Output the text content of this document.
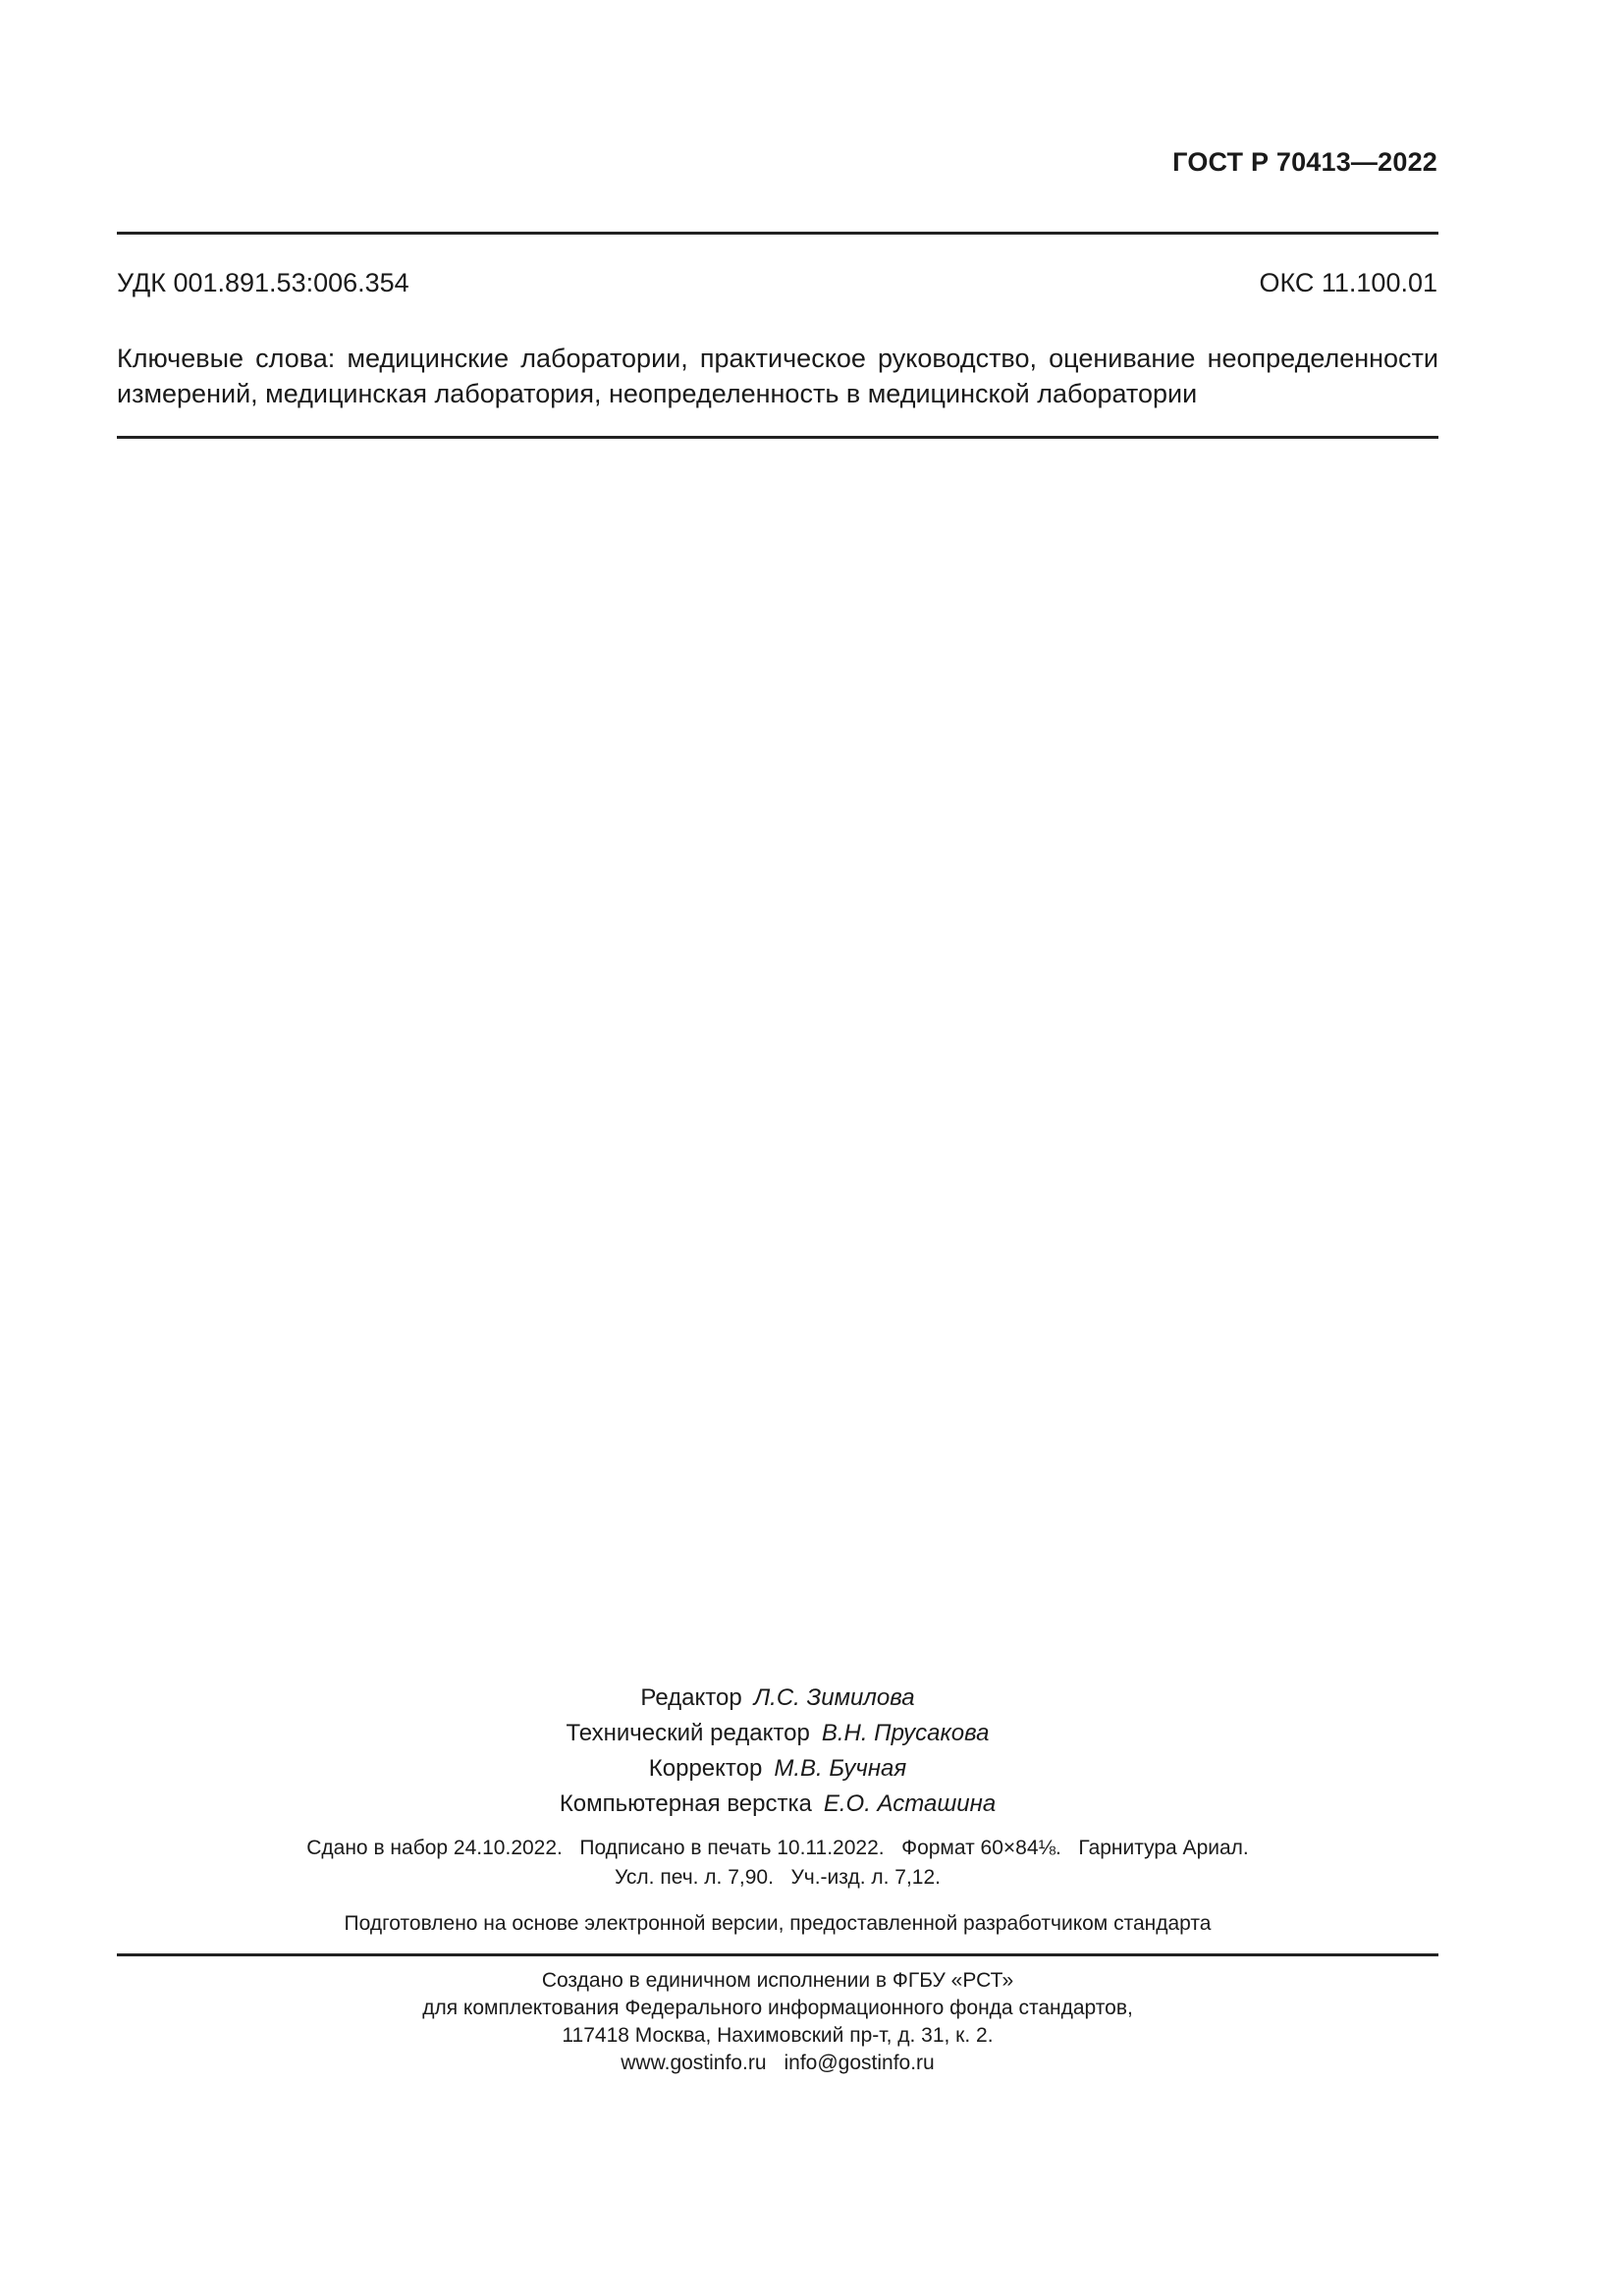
ГОСТ Р 70413—2022
УДК 001.891.53:006.354	ОКС 11.100.01
Ключевые слова: медицинские лаборатории, практическое руководство, оценивание неопределенности измерений, медицинская лаборатория, неопределенность в медицинской лаборатории
Редактор Л.С. Зимилова
Технический редактор В.Н. Прусакова
Корректор М.В. Бучная
Компьютерная верстка Е.О. Асташина
Сдано в набор 24.10.2022.   Подписано в печать 10.11.2022.   Формат 60×84⅛.   Гарнитура Ариал.
Усл. печ. л. 7,90.   Уч.-изд. л. 7,12.
Подготовлено на основе электронной версии, предоставленной разработчиком стандарта
Создано в единичном исполнении в ФГБУ «РСТ»
для комплектования Федерального информационного фонда стандартов,
117418 Москва, Нахимовский пр-т, д. 31, к. 2.
www.gostinfo.ru info@gostinfo.ru
